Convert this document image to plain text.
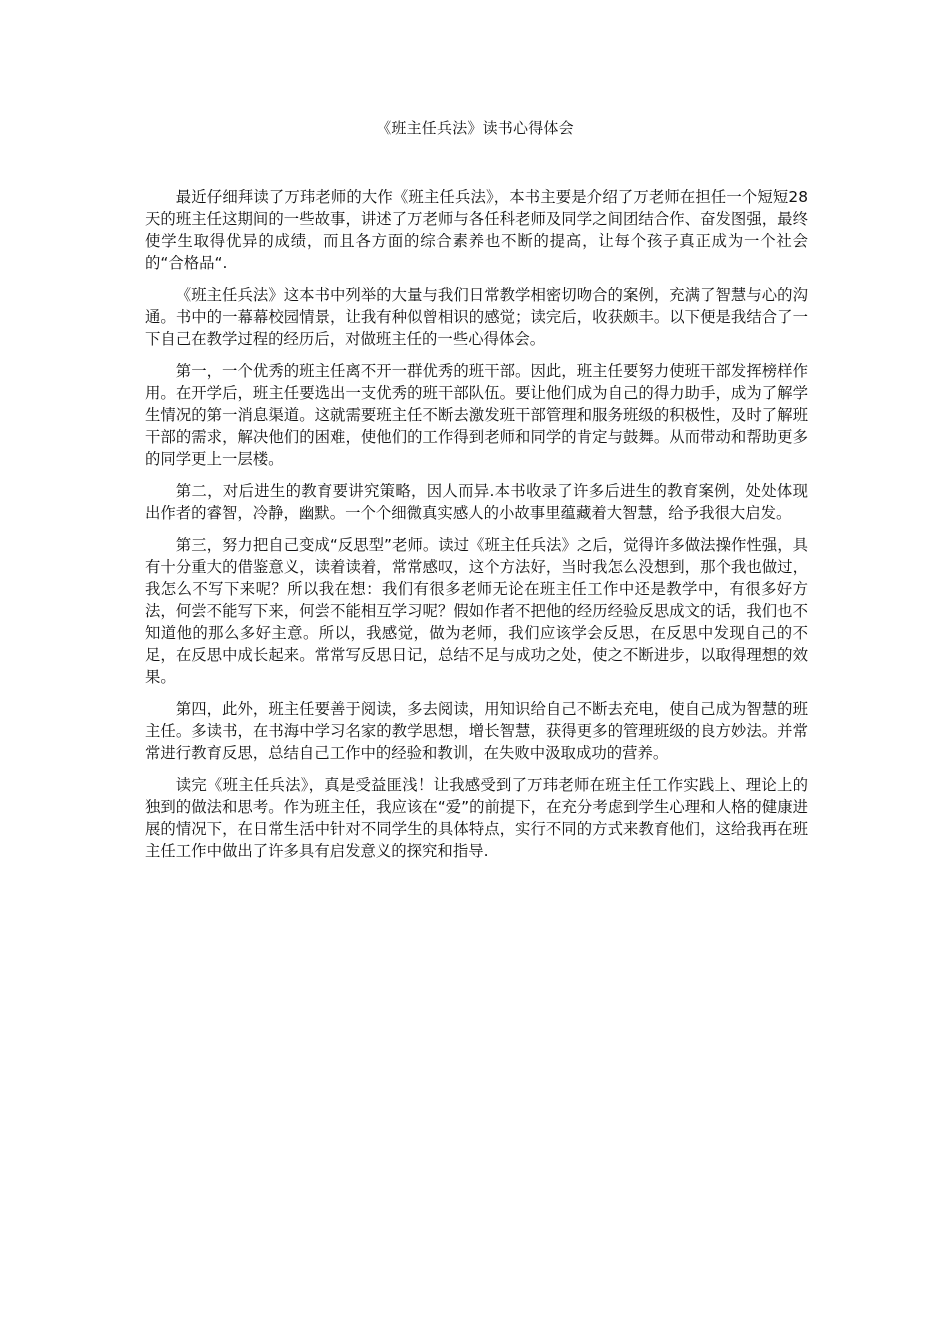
《班主任兵法》读书心得体会

最近仔细拜读了万玮老师的大作《班主任兵法》，本书主要是介绍了万老师在担任一个短短28天的班主任这期间的一些故事，讲述了万老师与各任科老师及同学之间团结合作、奋发图强，最终使学生取得优异的成绩，而且各方面的综合素养也不断的提高，让每个孩子真正成为一个社会的“合格品“.

《班主任兵法》这本书中列举的大量与我们日常教学相密切吻合的案例，充满了智慧与心的沟通。书中的一幕幕校园情景，让我有种似曾相识的感觉；读完后，收获颇丰。以下便是我结合了一下自己在教学过程的经历后，对做班主任的一些心得体会。

第一，一个优秀的班主任离不开一群优秀的班干部。因此，班主任要努力使班干部发挥榜样作用。在开学后，班主任要选出一支优秀的班干部队伍。要让他们成为自己的得力助手，成为了解学生情况的第一消息渠道。这就需要班主任不断去激发班干部管理和服务班级的积极性，及时了解班干部的需求，解决他们的困难，使他们的工作得到老师和同学的肯定与鼓舞。从而带动和帮助更多的同学更上一层楼。

第二，对后进生的教育要讲究策略，因人而异.本书收录了许多后进生的教育案例，处处体现出作者的睿智，冷静，幽默。一个个细微真实感人的小故事里蕴藏着大智慧，给予我很大启发。

第三，努力把自己变成“反思型”老师。读过《班主任兵法》之后，觉得许多做法操作性强，具有十分重大的借鉴意义，读着读着，常常感叹，这个方法好，当时我怎么没想到，那个我也做过，我怎么不写下来呢？所以我在想：我们有很多老师无论在班主任工作中还是教学中，有很多好方法，何尝不能写下来，何尝不能相互学习呢？假如作者不把他的经历经验反思成文的话，我们也不知道他的那么多好主意。所以，我感觉，做为老师，我们应该学会反思，在反思中发现自己的不足，在反思中成长起来。常常写反思日记，总结不足与成功之处，使之不断进步，以取得理想的效果。

第四，此外，班主任要善于阅读，多去阅读，用知识给自己不断去充电，使自己成为智慧的班主任。多读书，在书海中学习名家的教学思想，增长智慧，获得更多的管理班级的良方妙法。并常常进行教育反思，总结自己工作中的经验和教训，在失败中汲取成功的营养。

读完《班主任兵法》，真是受益匪浅！让我感受到了万玮老师在班主任工作实践上、理论上的独到的做法和思考。作为班主任，我应该在“爱”的前提下，在充分考虑到学生心理和人格的健康进展的情况下，在日常生活中针对不同学生的具体特点，实行不同的方式来教育他们，这给我再在班主任工作中做出了许多具有启发意义的探究和指导.
